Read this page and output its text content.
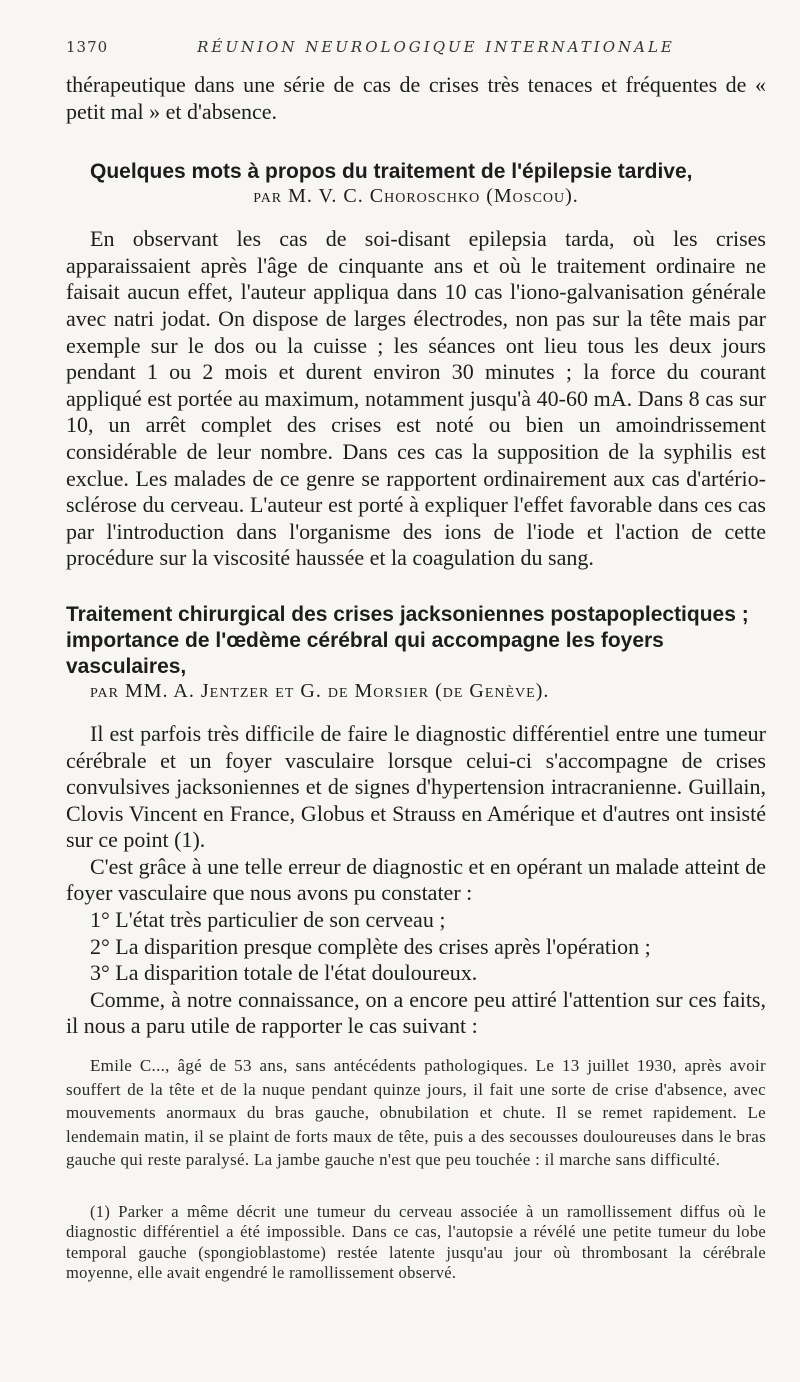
1370	RÉUNION NEUROLOGIQUE INTERNATIONALE

thérapeutique dans une série de cas de crises très tenaces et fréquentes de « petit mal » et d'absence.

Quelques mots à propos du traitement de l'épilepsie tardive,
par M. V. C. Choroschko (Moscou).

En observant les cas de soi-disant epilepsia tarda, où les crises apparaissaient après l'âge de cinquante ans et où le traitement ordinaire ne faisait aucun effet, l'auteur appliqua dans 10 cas l'iono-galvanisation générale avec natri jodat. On dispose de larges électrodes, non pas sur la tête mais par exemple sur le dos ou la cuisse ; les séances ont lieu tous les deux jours pendant 1 ou 2 mois et durent environ 30 minutes ; la force du courant appliqué est portée au maximum, notamment jusqu'à 40-60 mA. Dans 8 cas sur 10, un arrêt complet des crises est noté ou bien un amoindrissement considérable de leur nombre. Dans ces cas la supposition de la syphilis est exclue. Les malades de ce genre se rapportent ordinairement aux cas d'artério-sclérose du cerveau. L'auteur est porté à expliquer l'effet favorable dans ces cas par l'introduction dans l'organisme des ions de l'iode et l'action de cette procédure sur la viscosité haussée et la coagulation du sang.

Traitement chirurgical des crises jacksoniennes postapoplectiques ; importance de l'œdème cérébral qui accompagne les foyers vasculaires,
par MM. A. Jentzer et G. de Morsier (de Genève).

Il est parfois très difficile de faire le diagnostic différentiel entre une tumeur cérébrale et un foyer vasculaire lorsque celui-ci s'accompagne de crises convulsives jacksoniennes et de signes d'hypertension intracranienne. Guillain, Clovis Vincent en France, Globus et Strauss en Amérique et d'autres ont insisté sur ce point (1).

C'est grâce à une telle erreur de diagnostic et en opérant un malade atteint de foyer vasculaire que nous avons pu constater :

1° L'état très particulier de son cerveau ;

2° La disparition presque complète des crises après l'opération ;

3° La disparition totale de l'état douloureux.

Comme, à notre connaissance, on a encore peu attiré l'attention sur ces faits, il nous a paru utile de rapporter le cas suivant :

Emile C..., âgé de 53 ans, sans antécédents pathologiques. Le 13 juillet 1930, après avoir souffert de la tête et de la nuque pendant quinze jours, il fait une sorte de crise d'absence, avec mouvements anormaux du bras gauche, obnubilation et chute. Il se remet rapidement. Le lendemain matin, il se plaint de forts maux de tête, puis a des secousses douloureuses dans le bras gauche qui reste paralysé. La jambe gauche n'est que peu touchée : il marche sans difficulté.

(1) Parker a même décrit une tumeur du cerveau associée à un ramollissement diffus où le diagnostic différentiel a été impossible. Dans ce cas, l'autopsie a révélé une petite tumeur du lobe temporal gauche (spongioblastome) restée latente jusqu'au jour où thrombosant la cérébrale moyenne, elle avait engendré le ramollissement observé.
